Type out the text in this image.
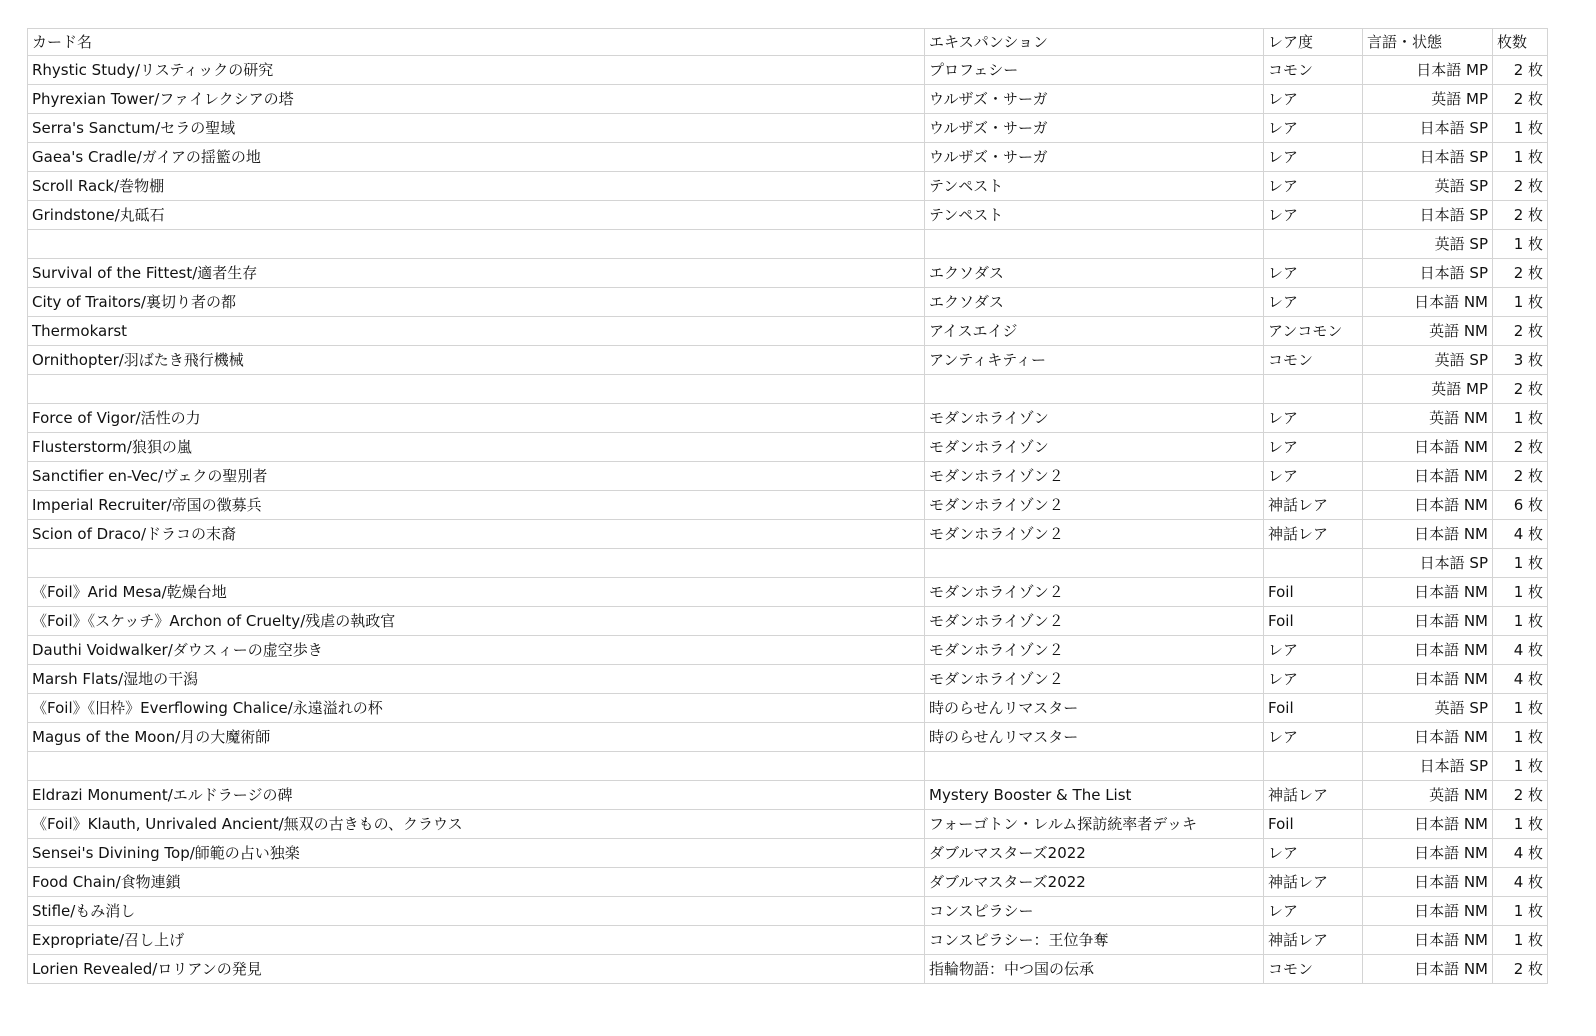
カード名	エキスパンション	レア度	言語・状態	枚数
Rhystic Study/リスティックの研究	プロフェシー	コモン	日本語 MP	2 枚
Phyrexian Tower/ファイレクシアの塔	ウルザズ・サーガ	レア	英語 MP	2 枚
Serra's Sanctum/セラの聖域	ウルザズ・サーガ	レア	日本語 SP	1 枚
Gaea's Cradle/ガイアの揺籃の地	ウルザズ・サーガ	レア	日本語 SP	1 枚
Scroll Rack/巻物棚	テンペスト	レア	英語 SP	2 枚
Grindstone/丸砥石	テンペスト	レア	日本語 SP	2 枚
			英語 SP	1 枚
Survival of the Fittest/適者生存	エクソダス	レア	日本語 SP	2 枚
City of Traitors/裏切り者の都	エクソダス	レア	日本語 NM	1 枚
Thermokarst	アイスエイジ	アンコモン	英語 NM	2 枚
Ornithopter/羽ばたき飛行機械	アンティキティー	コモン	英語 SP	3 枚
			英語 MP	2 枚
Force of Vigor/活性の力	モダンホライゾン	レア	英語 NM	1 枚
Flusterstorm/狼狽の嵐	モダンホライゾン	レア	日本語 NM	2 枚
Sanctifier en-Vec/ヴェクの聖別者	モダンホライゾン２	レア	日本語 NM	2 枚
Imperial Recruiter/帝国の徴募兵	モダンホライゾン２	神話レア	日本語 NM	6 枚
Scion of Draco/ドラコの末裔	モダンホライゾン２	神話レア	日本語 NM	4 枚
			日本語 SP	1 枚
《Foil》Arid Mesa/乾燥台地	モダンホライゾン２	Foil	日本語 NM	1 枚
《Foil》《スケッチ》Archon of Cruelty/残虐の執政官	モダンホライゾン２	Foil	日本語 NM	1 枚
Dauthi Voidwalker/ダウスィーの虚空歩き	モダンホライゾン２	レア	日本語 NM	4 枚
Marsh Flats/湿地の干潟	モダンホライゾン２	レア	日本語 NM	4 枚
《Foil》《旧枠》Everflowing Chalice/永遠溢れの杯	時のらせんリマスター	Foil	英語 SP	1 枚
Magus of the Moon/月の大魔術師	時のらせんリマスター	レア	日本語 NM	1 枚
			日本語 SP	1 枚
Eldrazi Monument/エルドラージの碑	Mystery Booster & The List	神話レア	英語 NM	2 枚
《Foil》Klauth, Unrivaled Ancient/無双の古きもの、クラウス	フォーゴトン・レルム探訪統率者デッキ	Foil	日本語 NM	1 枚
Sensei's Divining Top/師範の占い独楽	ダブルマスターズ2022	レア	日本語 NM	4 枚
Food Chain/食物連鎖	ダブルマスターズ2022	神話レア	日本語 NM	4 枚
Stifle/もみ消し	コンスピラシー	レア	日本語 NM	1 枚
Expropriate/召し上げ	コンスピラシー：王位争奪	神話レア	日本語 NM	1 枚
Lorien Revealed/ロリアンの発見	指輪物語：中つ国の伝承	コモン	日本語 NM	2 枚
